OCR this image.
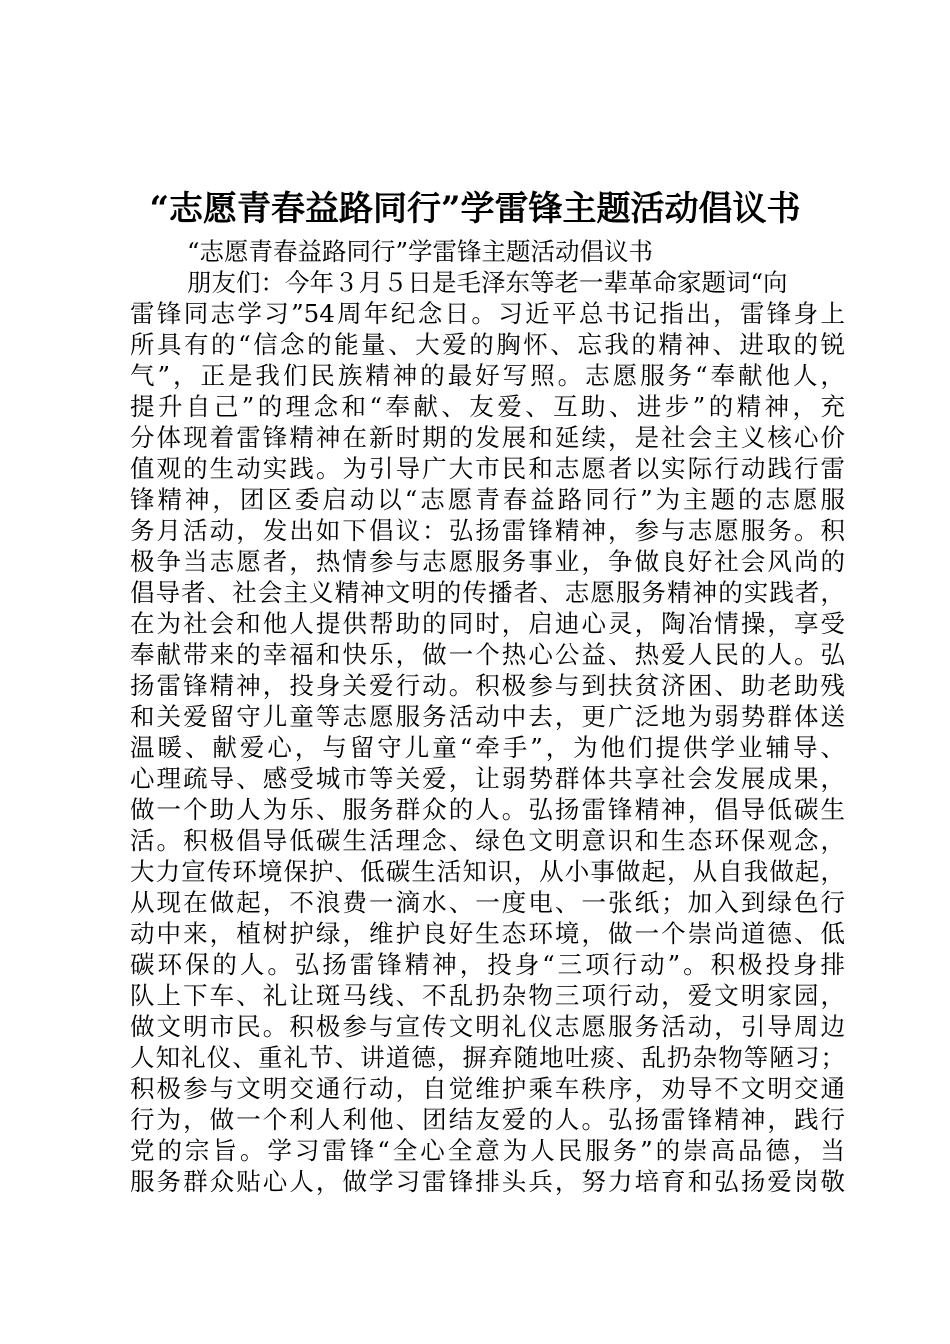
“志愿青春益路同行”学雷锋主题活动倡议书
“志愿青春益路同行”学雷锋主题活动倡议书
朋友们：今年３月５日是毛泽东等老一辈革命家题词“向
雷锋同志学习”54周年纪念日。习近平总书记指出，雷锋身上
所具有的“信念的能量、大爱的胸怀、忘我的精神、进取的锐
气”，正是我们民族精神的最好写照。志愿服务“奉献他人，
提升自己”的理念和“奉献、友爱、互助、进步”的精神，充
分体现着雷锋精神在新时期的发展和延续，是社会主义核心价
值观的生动实践。为引导广大市民和志愿者以实际行动践行雷
锋精神，团区委启动以“志愿青春益路同行”为主题的志愿服
务月活动，发出如下倡议：弘扬雷锋精神，参与志愿服务。积
极争当志愿者，热情参与志愿服务事业，争做良好社会风尚的
倡导者、社会主义精神文明的传播者、志愿服务精神的实践者，
在为社会和他人提供帮助的同时，启迪心灵，陶冶情操，享受
奉献带来的幸福和快乐，做一个热心公益、热爱人民的人。弘
扬雷锋精神，投身关爱行动。积极参与到扶贫济困、助老助残
和关爱留守儿童等志愿服务活动中去，更广泛地为弱势群体送
温暖、献爱心，与留守儿童“牵手”，为他们提供学业辅导、
心理疏导、感受城市等关爱，让弱势群体共享社会发展成果，
做一个助人为乐、服务群众的人。弘扬雷锋精神，倡导低碳生
活。积极倡导低碳生活理念、绿色文明意识和生态环保观念，
大力宣传环境保护、低碳生活知识，从小事做起，从自我做起，
从现在做起，不浪费一滴水、一度电、一张纸；加入到绿色行
动中来，植树护绿，维护良好生态环境，做一个崇尚道德、低
碳环保的人。弘扬雷锋精神，投身“三项行动”。积极投身排
队上下车、礼让斑马线、不乱扔杂物三项行动，爱文明家园，
做文明市民。积极参与宣传文明礼仪志愿服务活动，引导周边
人知礼仪、重礼节、讲道德，摒弃随地吐痰、乱扔杂物等陋习；
积极参与文明交通行动，自觉维护乘车秩序，劝导不文明交通
行为，做一个利人利他、团结友爱的人。弘扬雷锋精神，践行
党的宗旨。学习雷锋“全心全意为人民服务”的崇高品德，当
服务群众贴心人，做学习雷锋排头兵，努力培育和弘扬爱岗敬
